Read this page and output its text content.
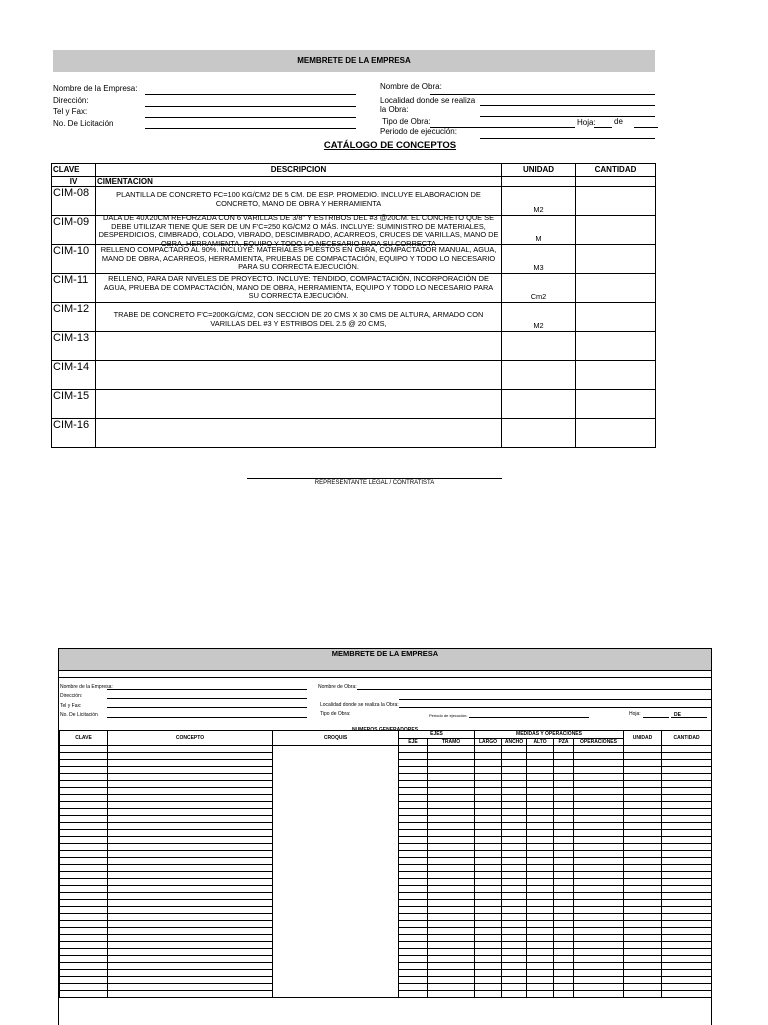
MEMBRETE DE LA EMPRESA
Nombre de la Empresa:
Dirección:
Tel y Fax:
No. De Licitación
Nombre de Obra:
Localidad donde se realiza la Obra:
Tipo de Obra:	Hoja: de
Periodo de ejecución:
CATÁLOGO DE CONCEPTOS
CLAVE	DESCRIPCION	UNIDAD	CANTIDAD
IV	CIMENTACION		
CIM-08	PLANTILLA DE CONCRETO FC=100 KG/CM2 DE 5 CM. DE ESP. PROMEDIO. INCLUYE ELABORACION DE CONCRETO, MANO DE OBRA Y HERRAMIENTA	M2	
CIM-09	DALA DE 40X20CM REFORZADA CON 6 VARILLAS DE 3/8" Y ESTRIBOS DEL #3 @20CM. EL CONCRETO QUE SE DEBE UTILIZAR TIENE QUE SER DE UN F'C=250 KG/CM2 O MÁS. INCLUYE: SUMINISTRO DE MATERIALES, DESPERDICIOS, CIMBRADO, COLADO, VIBRADO, DESCIMBRADO, ACARREOS, CRUCES DE VARILLAS, MANO DE OBRA, HERRAMIENTA, EQUIPO Y TODO LO NECESARIO PARA SU CORRECTA	M	
CIM-10	RELLENO COMPACTADO AL 90%. INCLUYE: MATERIALES PUESTOS EN OBRA, COMPACTADOR MANUAL, AGUA, MANO DE OBRA, ACARREOS, HERRAMIENTA, PRUEBAS DE COMPACTACIÓN, EQUIPO Y TODO LO NECESARIO PARA SU CORRECTA EJECUCIÓN.	M3	
CIM-11	RELLENO, PARA DAR NIVELES DE PROYECTO. INCLUYE: TENDIDO, COMPACTACIÓN, INCORPORACIÓN DE AGUA, PRUEBA DE COMPACTACIÓN, MANO DE OBRA, HERRAMIENTA, EQUIPO Y TODO LO NECESARIO PARA SU CORRECTA EJECUCIÓN.	Cm2	
CIM-12	TRABE DE CONCRETO F'C=200KG/CM2, CON SECCION DE 20 CMS X 30 CMS DE ALTURA, ARMADO CON VARILLAS DEL #3 Y ESTRIBOS DEL 2.5 @ 20 CMS,	M2	
CIM-13			
CIM-14			
CIM-15			
CIM-16			
REPRESENTANTE LEGAL / CONTRATISTA
MEMBRETE DE LA EMPRESA
Nombre de la Empresa:
Dirección:
Tel y Fax:
No. De Licitación
Nombre de Obra:
Localidad donde se realiza la Obra:
Tipo de Obra:	Periodo de ejecución:	Hoja:	DE
NUMEROS GENERADORES
CLAVE	CONCEPTO	CROQUIS	EJES		MEDIDAS Y OPERACIONES					UNIDAD	CANTIDAD
			EJE	TRAMO	LARGO	ANCHO	ALTO	PZA	OPERACIONES		
